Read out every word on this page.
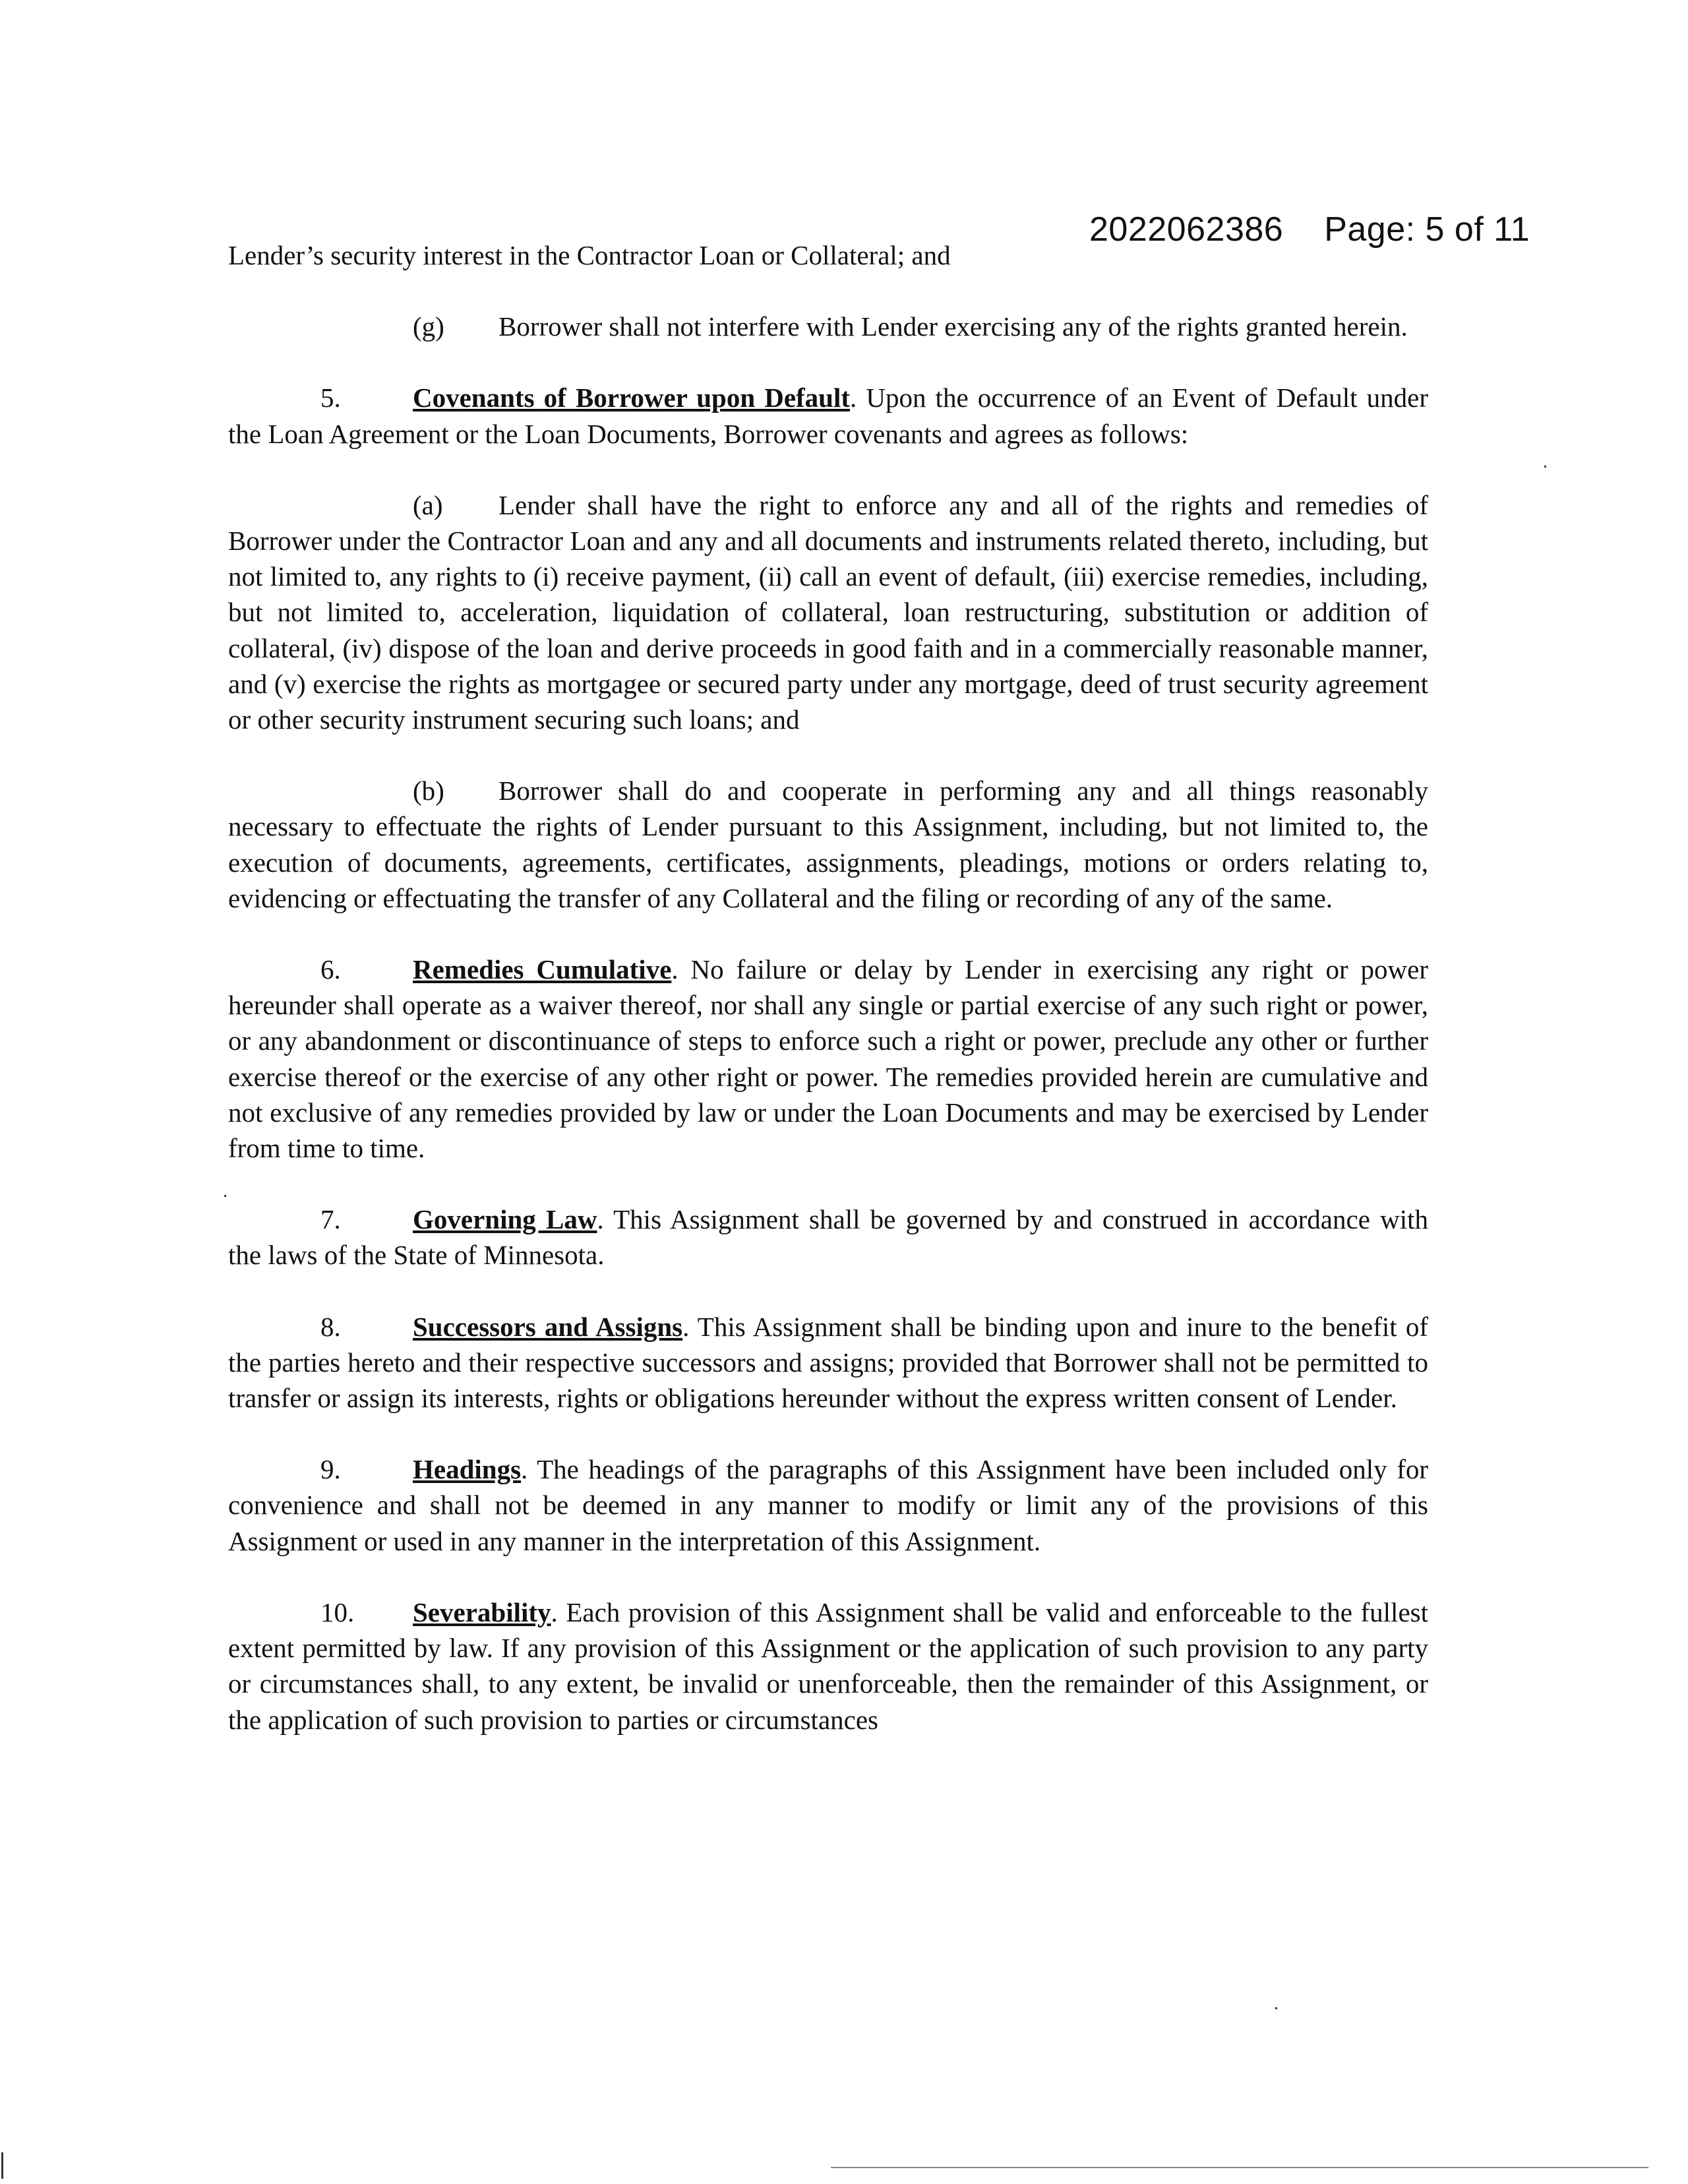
2022062386 Page: 5 of 11

Lender’s security interest in the Contractor Loan or Collateral; and

(g) Borrower shall not interfere with Lender exercising any of the rights granted herein.

5.	Covenants of Borrower upon Default. Upon the occurrence of an Event of Default under the Loan Agreement or the Loan Documents, Borrower covenants and agrees as follows:

(a) Lender shall have the right to enforce any and all of the rights and remedies of Borrower under the Contractor Loan and any and all documents and instruments related thereto, including, but not limited to, any rights to (i) receive payment, (ii) call an event of default, (iii) exercise remedies, including, but not limited to, acceleration, liquidation of collateral, loan restructuring, substitution or addition of collateral, (iv) dispose of the loan and derive proceeds in good faith and in a commercially reasonable manner, and (v) exercise the rights as mortgagee or secured party under any mortgage, deed of trust security agreement or other security instrument securing such loans; and

(b) Borrower shall do and cooperate in performing any and all things reasonably necessary to effectuate the rights of Lender pursuant to this Assignment, including, but not limited to, the execution of documents, agreements, certificates, assignments, pleadings, motions or orders relating to, evidencing or effectuating the transfer of any Collateral and the filing or recording of any of the same.

6.	Remedies Cumulative. No failure or delay by Lender in exercising any right or power hereunder shall operate as a waiver thereof, nor shall any single or partial exercise of any such right or power, or any abandonment or discontinuance of steps to enforce such a right or power, preclude any other or further exercise thereof or the exercise of any other right or power. The remedies provided herein are cumulative and not exclusive of any remedies provided by law or under the Loan Documents and may be exercised by Lender from time to time.

7.	Governing Law. This Assignment shall be governed by and construed in accordance with the laws of the State of Minnesota.

8.	Successors and Assigns. This Assignment shall be binding upon and inure to the benefit of the parties hereto and their respective successors and assigns; provided that Borrower shall not be permitted to transfer or assign its interests, rights or obligations hereunder without the express written consent of Lender.

9.	Headings. The headings of the paragraphs of this Assignment have been included only for convenience and shall not be deemed in any manner to modify or limit any of the provisions of this Assignment or used in any manner in the interpretation of this Assignment.

10. Severability. Each provision of this Assignment shall be valid and enforceable to the fullest extent permitted by law. If any provision of this Assignment or the application of such provision to any party or circumstances shall, to any extent, be invalid or unenforceable, then the remainder of this Assignment, or the application of such provision to parties or circumstances
